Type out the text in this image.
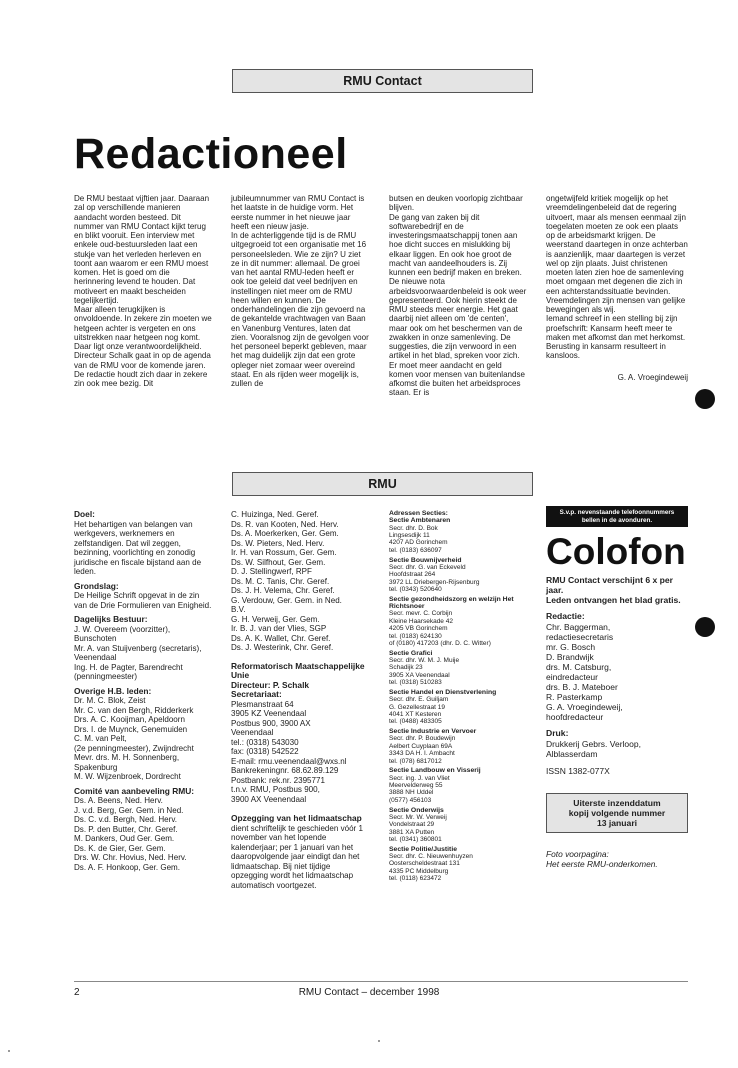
RMU Contact
Redactioneel

De RMU bestaat vijftien jaar. Daaraan zal op verschillende manieren aandacht worden besteed. Dit nummer van RMU Contact kijkt terug en blikt vooruit. Een interview met enkele oud-bestuursleden laat een stukje van het verleden herleven en toont aan waarom er een RMU moest komen. Het is goed om die herinnering levend te houden. Dat motiveert en maakt bescheiden tegelijkertijd.

Maar alleen terugkijken is onvoldoende. In zekere zin moeten we hetgeen achter is vergeten en ons uitstrekken naar hetgeen nog komt. Daar ligt onze verantwoordelijkheid. Directeur Schalk gaat in op de agenda van de RMU voor de komende jaren.

De redactie houdt zich daar in zekere zin ook mee bezig. Dit

jubileumnummer van RMU Contact is het laatste in de huidige vorm. Het eerste nummer in het nieuwe jaar heeft een nieuw jasje.

In de achterliggende tijd is de RMU uitgegroeid tot een organisatie met 16 personeelsleden. Wie ze zijn? U ziet ze in dit nummer: allemaal. De groei van het aantal RMU-leden heeft er ook toe geleid dat veel bedrijven en instellingen niet meer om de RMU heen willen en kunnen. De onderhandelingen die zijn gevoerd na de gekantelde vrachtwagen van Baan en Vanenburg Ventures, laten dat zien. Vooralsnog zijn de gevolgen voor het personeel beperkt gebleven, maar het mag duidelijk zijn dat een grote opleger niet zomaar weer overeind staat. En als rijden weer mogelijk is, zullen de

butsen en deuken voorlopig zichtbaar blijven.

De gang van zaken bij dit softwarebedrijf en de investeringsmaatschappij tonen aan hoe dicht succes en mislukking bij elkaar liggen. En ook hoe groot de macht van aandeelhouders is. Zij kunnen een bedrijf maken en breken.

De nieuwe nota arbeidsvoorwaardenbeleid is ook weer gepresenteerd. Ook hierin steekt de RMU steeds meer energie. Het gaat daarbij niet alleen om 'de centen', maar ook om het beschermen van de zwakken in onze samenleving. De suggesties, die zijn verwoord in een artikel in het blad, spreken voor zich. Er moet meer aandacht en geld komen voor mensen van buitenlandse afkomst die buiten het arbeidsproces staan. Er is

ongetwijfeld kritiek mogelijk op het vreemdelingenbeleid dat de regering uitvoert, maar als mensen eenmaal zijn toegelaten moeten ze ook een plaats op de arbeidsmarkt krijgen. De weerstand daartegen in onze achterban is aanzienlijk, maar daartegen is verzet wel op zijn plaats. Juist christenen moeten laten zien hoe de samenleving moet omgaan met degenen die zich in een achterstandssituatie bevinden. Vreemdelingen zijn mensen van gelijke bewegingen als wij.

Iemand schreef in een stelling bij zijn proefschrift: Kansarm heeft meer te maken met afkomst dan met herkomst. Berusting in kansarm resulteert in kansloos.

G. A. Vroegindeweij

RMU

Doel:

Het behartigen van belangen van werkgevers, werknemers en zelfstandigen. Dat wil zeggen, bezinning, voorlichting en zonodig juridische en fiscale bijstand aan de leden.

Grondslag:

De Heilige Schrift opgevat in de zin van de Drie Formulieren van Enigheid.

Dagelijks Bestuur:

J. W. Overeem (voorzitter), Bunschoten

Mr. A. van Stuijvenberg (secretaris), Veenendaal

Ing. H. de Pagter, Barendrecht (penningmeester)

Overige H.B. leden:

Dr. M. C. Blok, Zeist

Mr. C. van den Bergh, Ridderkerk

Drs. A. C. Kooijman, Apeldoorn

Drs. I. de Muynck, Genemuiden

C. M. van Pelt,

(2e penningmeester), Zwijndrecht

Mevr. drs. M. H. Sonnenberg, Spakenburg

M. W. Wijzenbroek, Dordrecht

Comité van aanbeveling RMU:

Ds. A. Beens, Ned. Herv.

J. v.d. Berg, Ger. Gem. in Ned.

Ds. C. v.d. Bergh, Ned. Herv.

Ds. P. den Butter, Chr. Geref.

M. Dankers, Oud Ger. Gem.

Ds. K. de Gier, Ger. Gem.

Drs. W. Chr. Hovius, Ned. Herv.

Ds. A. F. Honkoop, Ger. Gem.

C. Huizinga, Ned. Geref.

Ds. R. van Kooten, Ned. Herv.

Ds. A. Moerkerken, Ger. Gem.

Ds. W. Pieters, Ned. Herv.

Ir. H. van Rossum, Ger. Gem.

Ds. W. Silfhout, Ger. Gem.

D. J. Stellingwerf, RPF

Ds. M. C. Tanis, Chr. Geref.

Ds. J. H. Velema, Chr. Geref.

G. Verdouw, Ger. Gem. in Ned.

B.V.

G. H. Verweij, Ger. Gem.

Ir. B. J. van der Vlies, SGP

Ds. A. K. Wallet, Chr. Geref.

Ds. J. Westerink, Chr. Geref.

Reformatorisch Maatschappelijke Unie

Directeur: P. Schalk

Secretariaat:

Plesmanstraat 64

3905 KZ Veenendaal

Postbus 900, 3900 AX

Veenendaal

tel.: (0318) 543030

fax: (0318) 542522

E-mail: rmu.veenendaal@wxs.nl

Bankrekeningnr. 68.62.89.129

Postbank: rek.nr. 2395771

t.n.v. RMU, Postbus 900,

3900 AX Veenendaal

Opzegging van het lidmaatschap

dient schriftelijk te geschieden vóór 1 november van het lopende kalenderjaar; per 1 januari van het daaropvolgende jaar eindigt dan het lidmaatschap. Bij niet tijdige opzegging wordt het lidmaatschap automatisch voortgezet.

Adressen Secties:

Sectie Ambtenaren

Secr. dhr. D. Bok

Lingsesdijk 11

4207 AD Gorinchem

tel. (0183) 636097

Sectie Bouwnijverheid

Secr. dhr. G. van Eckeveld

Hoofdstraat 264

3972 LL Driebergen-Rijsenburg

tel. (0343) 520640

Sectie gezondheidszorg en welzijn Het Richtsnoer

Secr. mevr. C. Corbijn

Kleine Haarsekade 42

4205 VB Gorinchem

tel. (0183) 624130

of (0180) 417203 (dhr. D. C. Witter)

Sectie Grafici

Secr. dhr. W. M. J. Muije

Schadijk 23

3905 XA Veenendaal

tel. (0318) 510283

Sectie Handel en Dienstverlening

Secr. dhr. E. Guiljam

G. Gezellestraat 19

4041 XT Kesteren

tel. (0488) 483305

Sectie Industrie en Vervoer

Secr. dhr. P. Boudewijn

Aelbert Cuyplaan 69A

3343 DA H. I. Ambacht

tel. (078) 6817012

Sectie Landbouw en Visserij

Secr. ing. J. van Vliet

Meervelderweg 55

3888 NH Uddel

(0577) 456103

Sectie Onderwijs

Secr. Mr. W. Verweij

Vondelstraat 29

3881 XA Putten

tel. (0341) 360801

Sectie Politie/Justitie

Secr. dhr. C. Nieuwenhuyzen

Oosterscheldestraat 131

4335 PC Middelburg

tel. (0118) 623472

S.v.p. nevenstaande telefoonnummers bellen in de avonduren.
Colofon

RMU Contact verschijnt 6 x per jaar.

Leden ontvangen het blad gratis.

Redactie:

Chr. Baggerman,

redactiesecretaris

mr. G. Bosch

D. Brandwijk

drs. M. Catsburg,

eindredacteur

drs. B. J. Mateboer

R. Pasterkamp

G. A. Vroegindeweij,

hoofdredacteur

Druk:

Drukkerij Gebrs. Verloop,

Alblasserdam

ISSN 1382-077X

Uiterste inzenddatum
kopij volgende nummer
13 januari
Foto voorpagina:
Het eerste RMU-onderkomen.
2	RMU Contact – december 1998
